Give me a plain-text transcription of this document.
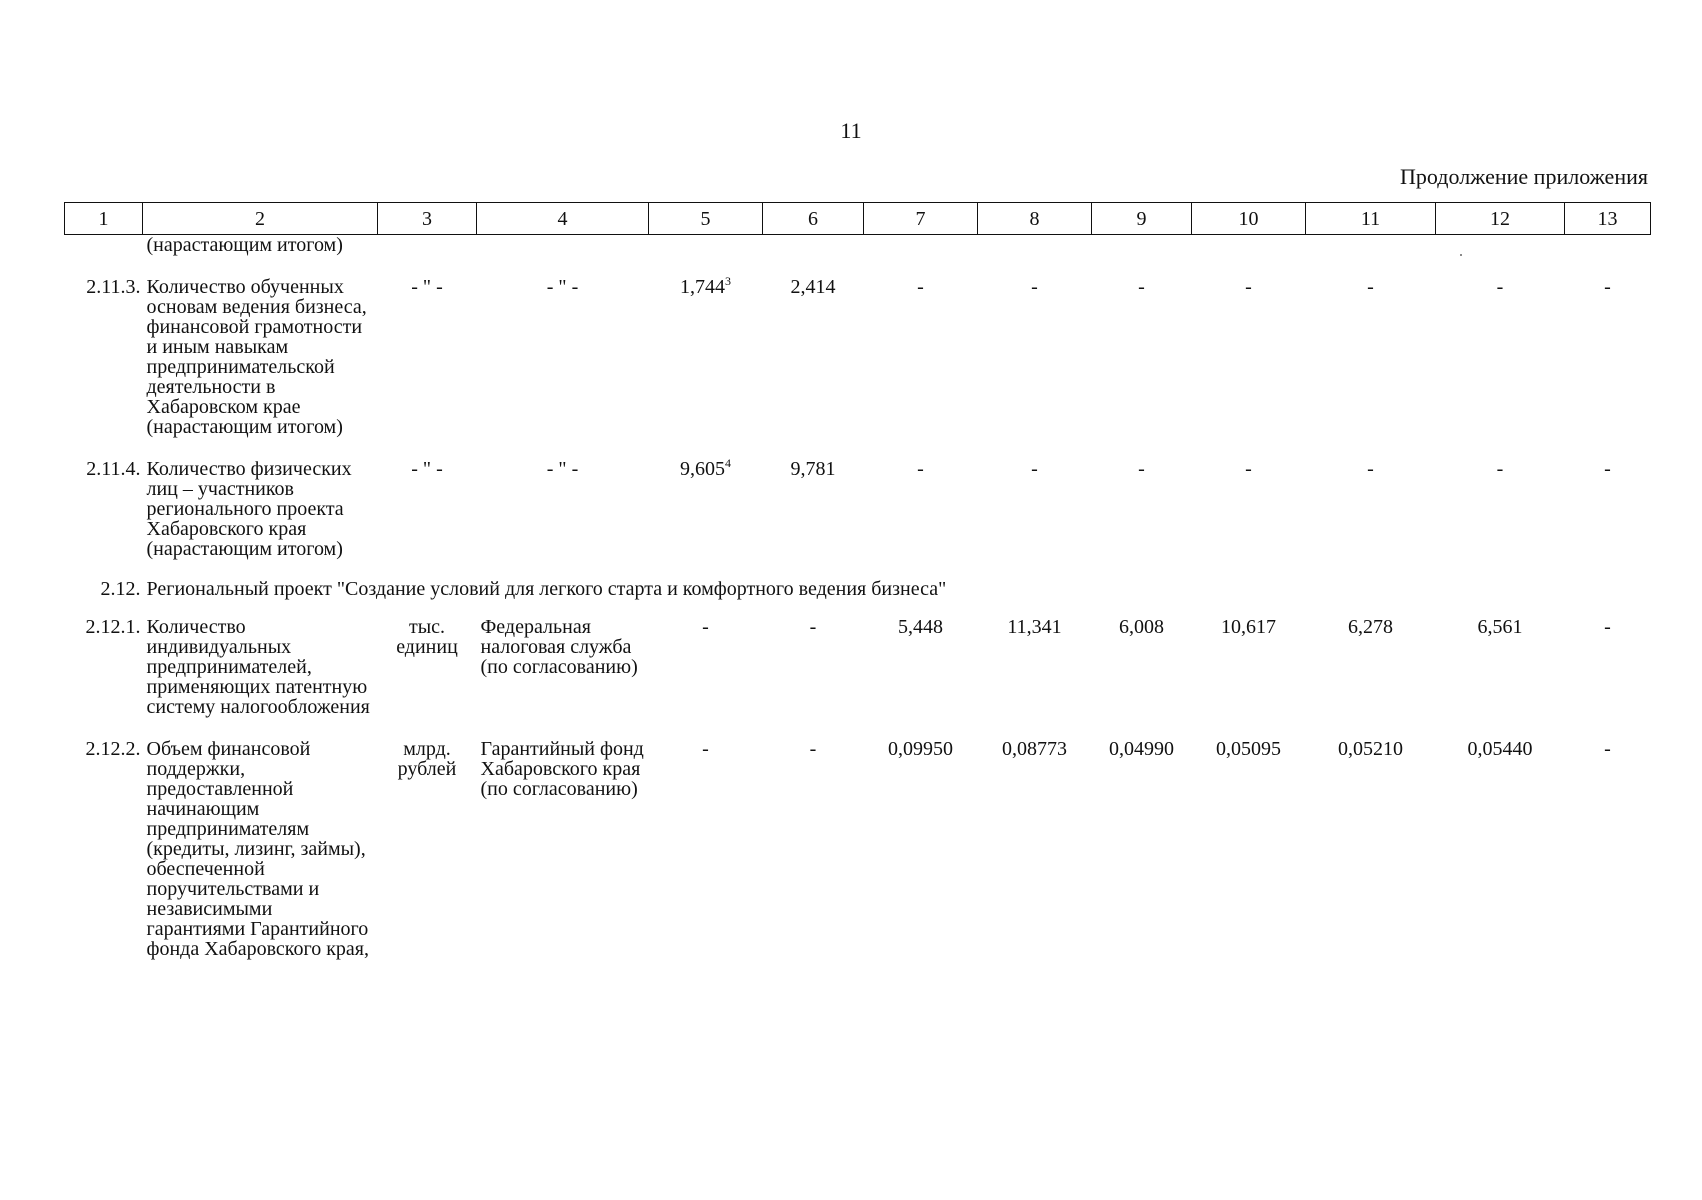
11
Продолжение приложения
1	2	3	4	5	6	7	8	9	10	11	12	13
	(нарастающим итогом)											
2.11.3.	Количество обученных основам ведения бизнеса, финансовой грамотности и иным навыкам предпринимательской деятельности в Хабаровском крае (нарастающим итогом)	- " -	- " -	1,744$^3$	2,414	-	-	-	-	-	-	-
2.11.4.	Количество физических лиц – участников регионального проекта Хабаровского края (нарастающим итогом)	- " -	- " -	9,605$^4$	9,781	-	-	-	-	-	-	-
2.12.	Региональный проект "Создание условий для легкого старта и комфортного ведения бизнеса"											
2.12.1.	Количество индивидуальных предпринимателей, применяющих патентную систему налогообложения	тыс. единиц	Федеральная налоговая служба (по согласованию)	-	-	5,448	11,341	6,008	10,617	6,278	6,561	-
2.12.2.	Объем финансовой поддержки, предоставленной начинающим предпринимателям (кредиты, лизинг, займы), обеспеченной поручительствами и независимыми гарантиями Гарантийного фонда Хабаровского края,	млрд. рублей	Гарантийный фонд Хабаровского края (по согласованию)	-	-	0,09950	0,08773	0,04990	0,05095	0,05210	0,05440	-
